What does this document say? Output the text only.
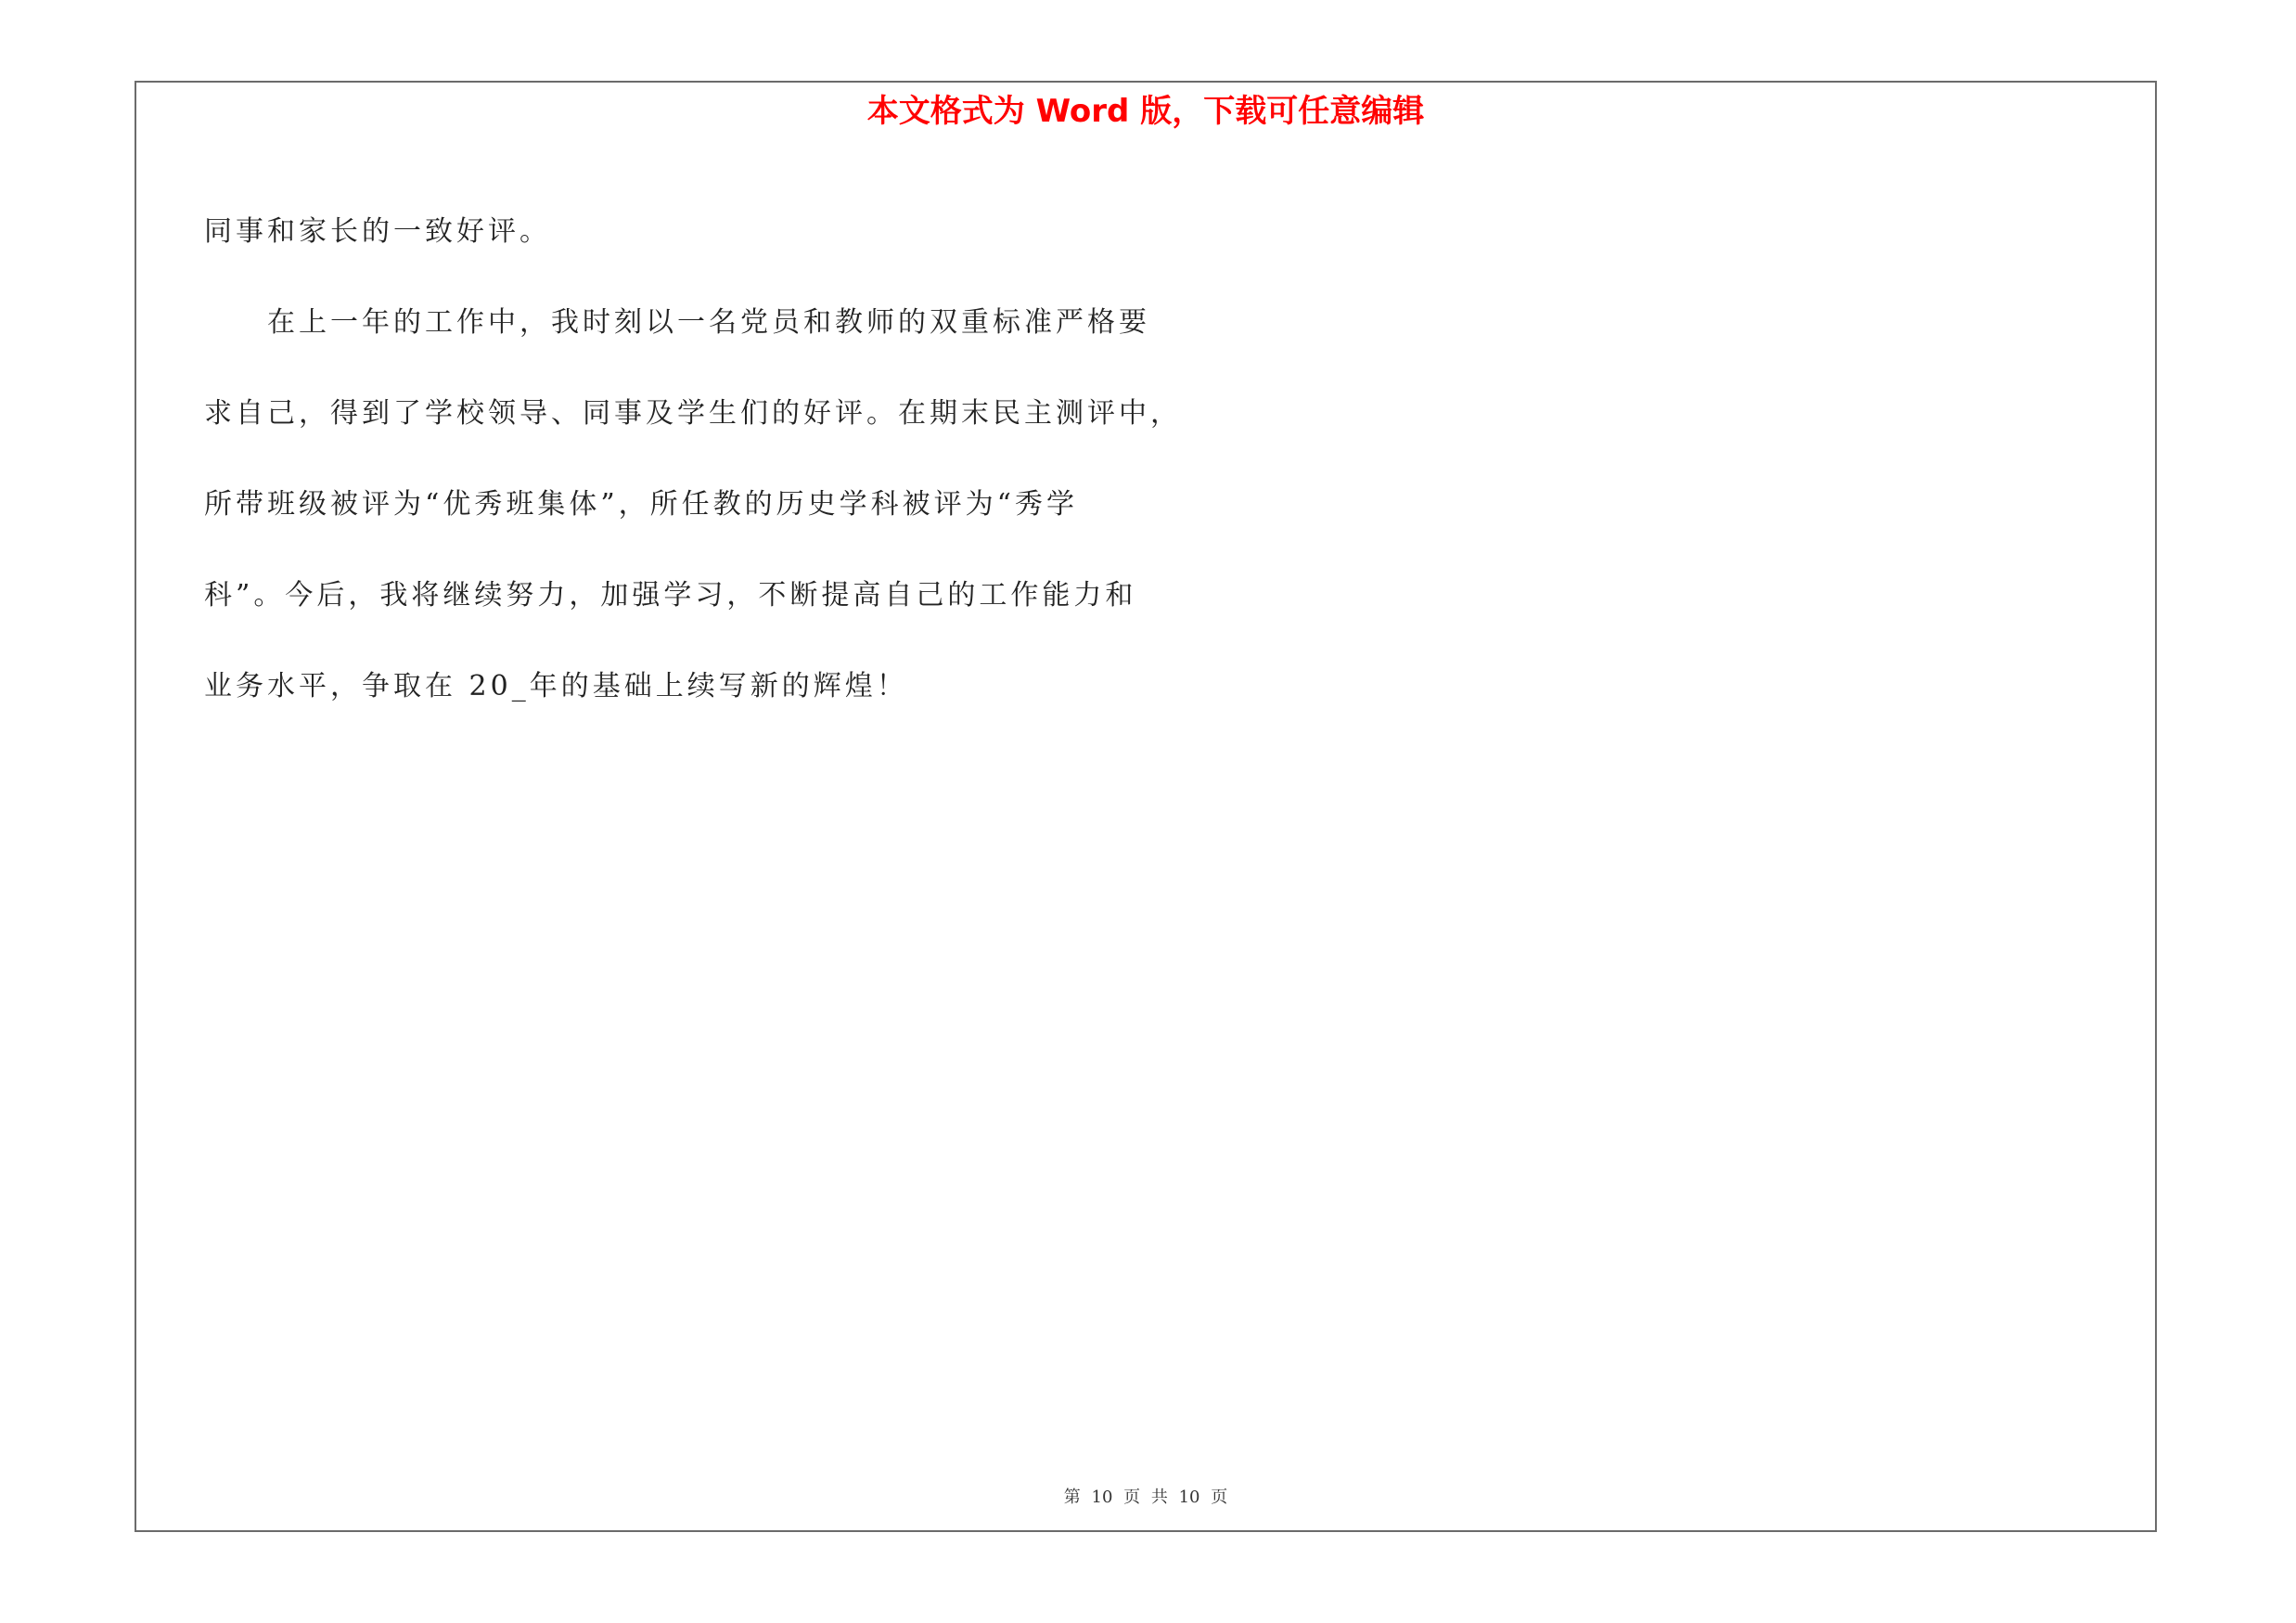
本文格式为 Word 版，下载可任意编辑

同事和家长的一致好评。

在上一年的工作中，我时刻以一名党员和教师的双重标准严格要

求自己，得到了学校领导、同事及学生们的好评。在期末民主测评中，

所带班级被评为“优秀班集体”，所任教的历史学科被评为“秀学

科”。今后，我将继续努力，加强学习，不断提高自己的工作能力和

业务水平，争取在 20_年的基础上续写新的辉煌！

第 10 页 共 10 页
